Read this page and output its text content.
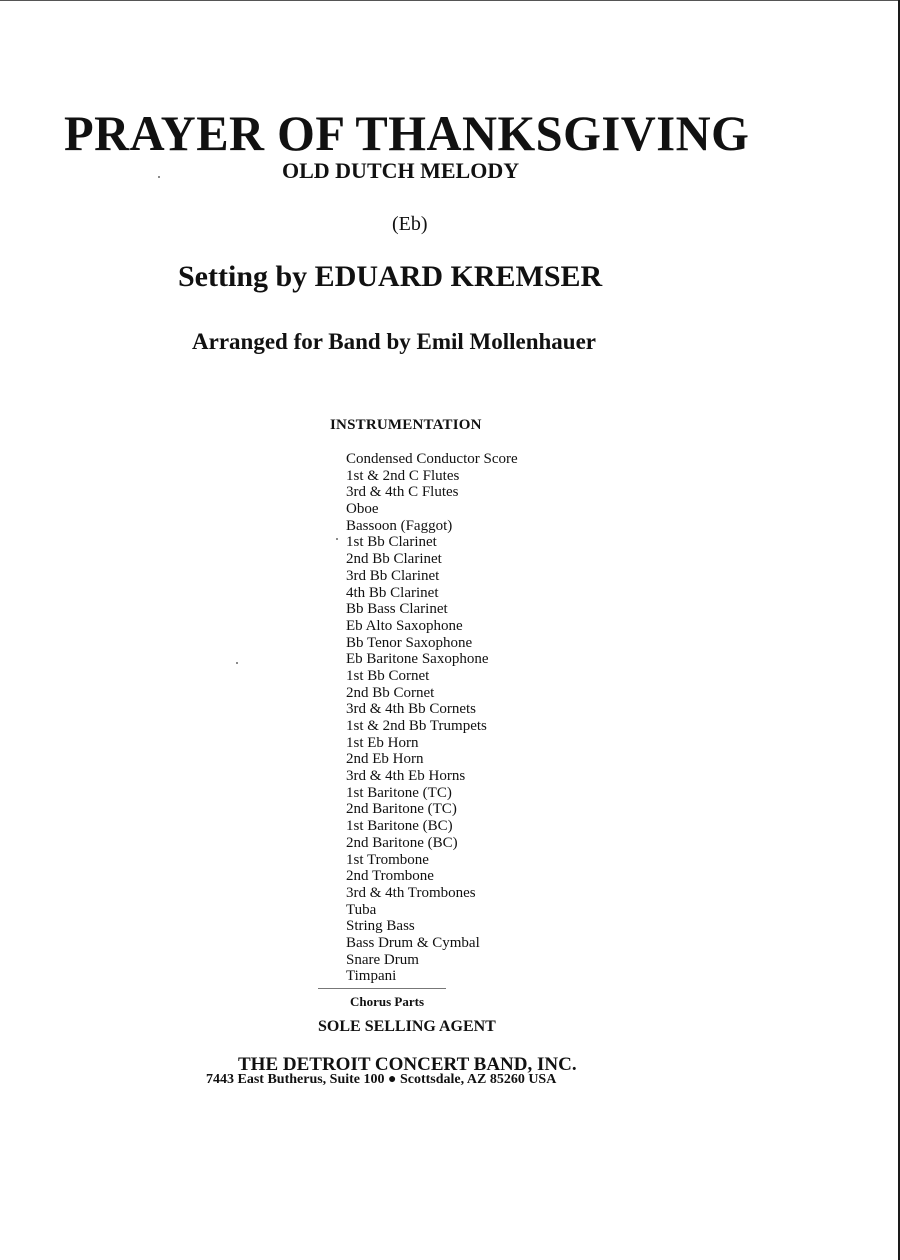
PRAYER OF THANKSGIVING
OLD DUTCH MELODY
(Eb)
Setting by EDUARD KREMSER
Arranged for Band by Emil Mollenhauer
INSTRUMENTATION
Condensed Conductor Score
1st & 2nd C Flutes
3rd & 4th C Flutes
Oboe
Bassoon (Faggot)
1st Bb Clarinet
2nd Bb Clarinet
3rd Bb Clarinet
4th Bb Clarinet
Bb Bass Clarinet
Eb Alto Saxophone
Bb Tenor Saxophone
Eb Baritone Saxophone
1st Bb Cornet
2nd Bb Cornet
3rd & 4th Bb Cornets
1st & 2nd Bb Trumpets
1st Eb Horn
2nd Eb Horn
3rd & 4th Eb Horns
1st Baritone (TC)
2nd Baritone (TC)
1st Baritone (BC)
2nd Baritone (BC)
1st Trombone
2nd Trombone
3rd & 4th Trombones
Tuba
String Bass
Bass Drum & Cymbal
Snare Drum
Timpani
Chorus Parts
SOLE SELLING AGENT
THE DETROIT CONCERT BAND, INC.
7443 East Butherus, Suite 100 ● Scottsdale, AZ 85260 USA
